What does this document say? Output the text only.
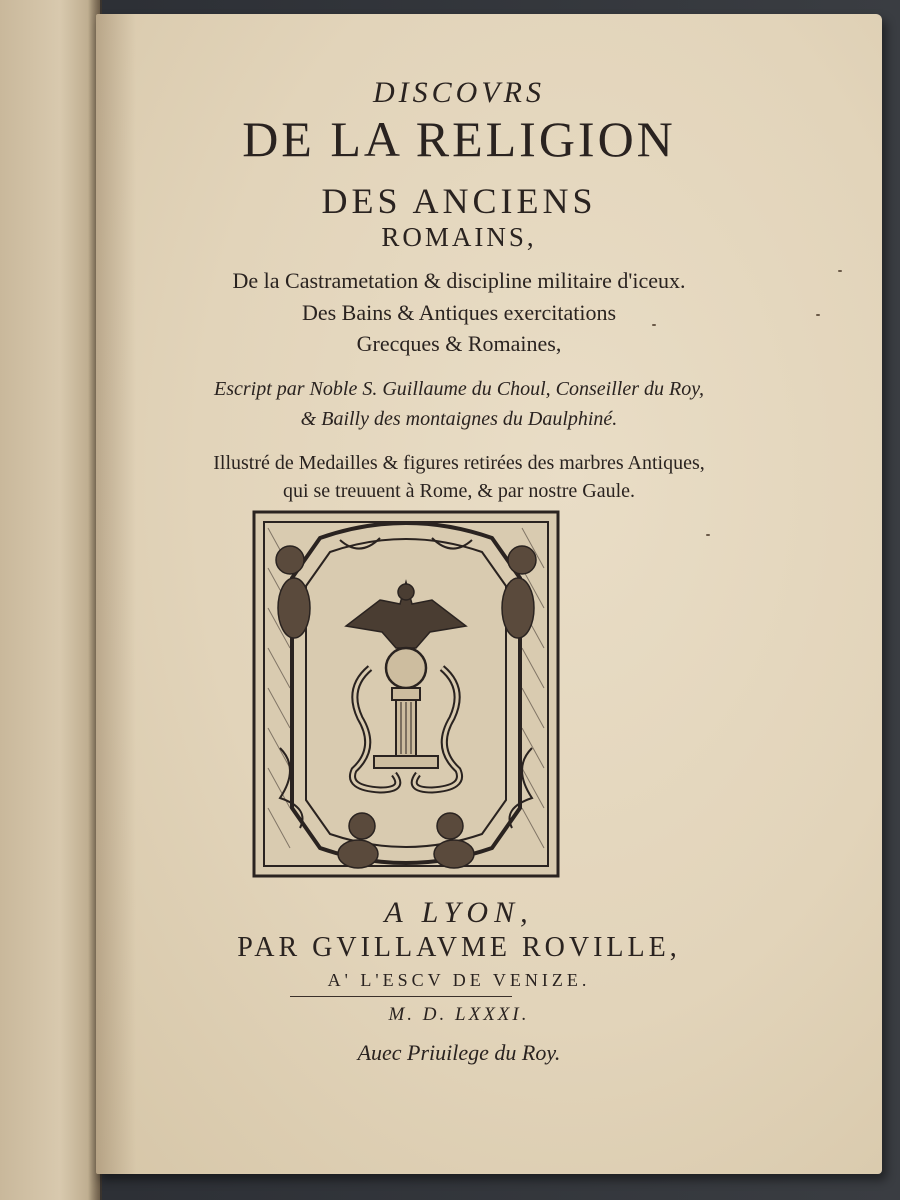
DISCOVRS
DE LA RELIGION
DES ANCIENS
ROMAINS,
De la Castrametation & discipline militaire d'iceux.
Des Bains & Antiques exercitations
Grecques & Romaines,
Escript par Noble S. Guillaume du Choul, Conseiller du Roy,
& Bailly des montaignes du Daulphiné.
Illustré de Medailles & figures retirées des marbres Antiques,
qui se treuuent à Rome, & par nostre Gaule.
A LYON,
PAR GVILLAVME ROVILLE,
A' L'ESCV DE VENIZE.
M. D. LXXXI.
Auec Priuilege du Roy.
